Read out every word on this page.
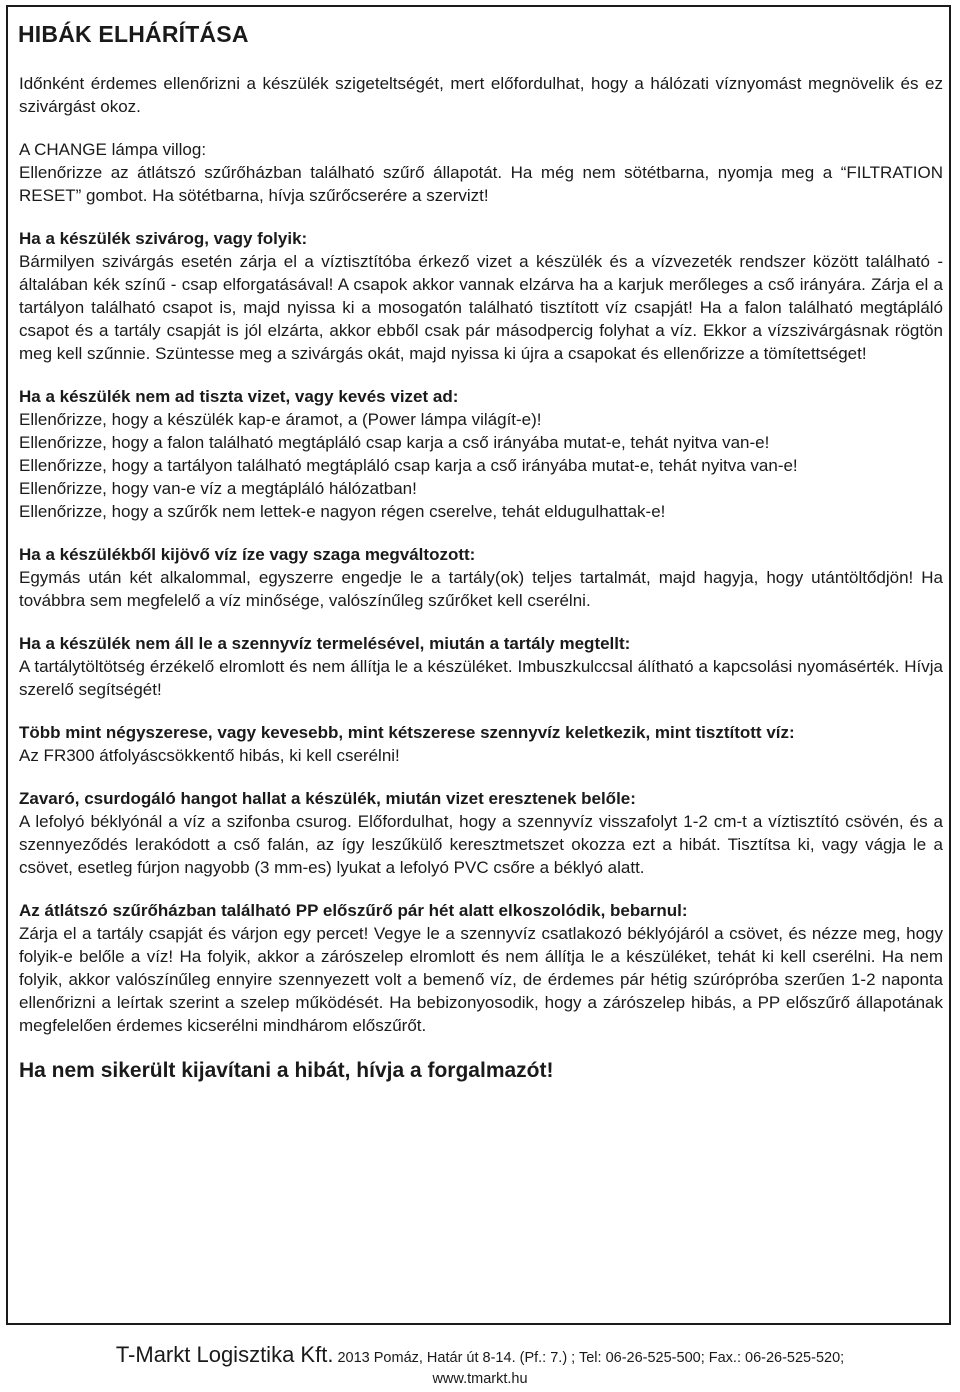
HIBÁK ELHÁRÍTÁSA

Időnként érdemes ellenőrizni a készülék szigeteltségét, mert előfordulhat, hogy a hálózati víznyomást megnövelik és ez szivárgást okoz.

A CHANGE lámpa villog:
Ellenőrizze az átlátszó szűrőházban található szűrő állapotát. Ha még nem sötétbarna, nyomja meg a “FILTRATION RESET” gombot. Ha sötétbarna, hívja szűrőcserére a szervizt!

Ha a készülék szivárog, vagy folyik:
Bármilyen szivárgás esetén zárja el a víztisztítóba érkező vizet a készülék és a vízvezeték rendszer között található - általában kék színű - csap elforgatásával! A csapok akkor vannak elzárva ha a karjuk merőleges a cső irányára. Zárja el a tartályon található csapot is, majd nyissa ki a mosogatón található tisztított víz csapját! Ha a falon található megtápláló csapot és a tartály csapját is jól elzárta, akkor ebből csak pár másodpercig folyhat a víz. Ekkor a vízszivárgásnak rögtön meg kell szűnnie. Szüntesse meg a szivárgás okát, majd nyissa ki újra a csapokat és ellenőrizze a tömítettséget!

Ha a készülék nem ad tiszta vizet, vagy kevés vizet ad:
Ellenőrizze, hogy a készülék kap-e áramot, a (Power lámpa világít-e)!
Ellenőrizze, hogy a falon található megtápláló csap karja a cső irányába mutat-e, tehát nyitva van-e!
Ellenőrizze, hogy a tartályon található megtápláló csap karja a cső irányába mutat-e, tehát nyitva van-e!
Ellenőrizze, hogy van-e víz a megtápláló hálózatban!
Ellenőrizze, hogy a szűrők nem lettek-e nagyon régen cserelve, tehát eldugulhattak-e!

Ha a készülékből kijövő víz íze vagy szaga megváltozott:
Egymás után két alkalommal, egyszerre engedje le a tartály(ok) teljes tartalmát, majd hagyja, hogy utántöltődjön! Ha továbbra sem megfelelő a víz minősége, valószínűleg szűrőket kell cserélni.

Ha a készülék nem áll le a szennyvíz termelésével, miután a tartály megtellt:
A tartálytöltötség érzékelő elromlott és nem állítja le a készüléket. Imbuszkulccsal álítható a kapcsolási nyomásérték. Hívja szerelő segítségét!

Több mint négyszeresе, vagy kevesebb, mint kétszerese szennyvíz keletkezik, mint tisztított víz:
Az FR300 átfolyáscsökkentő hibás, ki kell cserélni!

Zavaró, csurdogáló hangot hallat a készülék, miután vizet eresztenek belőle:
A lefolyó béklyónál a víz a szifonba csurog. Előfordulhat, hogy a szennyvíz visszafolyt 1-2 cm-t a víztisztító csövén, és a szennyeződés lerakódott a cső falán, az így leszűkülő keresztmetszet okozza ezt a hibát. Tisztítsa ki, vagy vágja le a csövet, esetleg fúrjon nagyobb (3 mm-es) lyukat a lefolyó PVC csőre a béklyó alatt.

Az átlátszó szűrőházban található PP előszűrő pár hét alatt elkoszolódik, bebarnul:
Zárja el a tartály csapját és várjon egy percet! Vegye le a szennyvíz csatlakozó béklyójáról a csövet, és nézze meg, hogy folyik-e belőle a víz! Ha folyik, akkor a zárószelep elromlott és nem állítja le a készüléket, tehát ki kell cserélni. Ha nem folyik, akkor valószínűleg ennyire szennyezett volt a bemenő víz, de érdemes pár hétig szúrópróba szerűen 1-2 naponta ellenőrizni a leírtak szerint a szelep működését. Ha bebizonyosodik, hogy a zárószelep hibás, a PP előszűrő állapotának megfelelően érdemes kicserélni mindhárom előszűrőt.

Ha nem sikerült kijavítani a hibát, hívja a forgalmazót!
T-Markt Logisztika Kft. 2013 Pomáz, Határ út 8-14. (Pf.: 7.) ; Tel: 06-26-525-500; Fax.: 06-26-525-520;
www.tmarkt.hu
